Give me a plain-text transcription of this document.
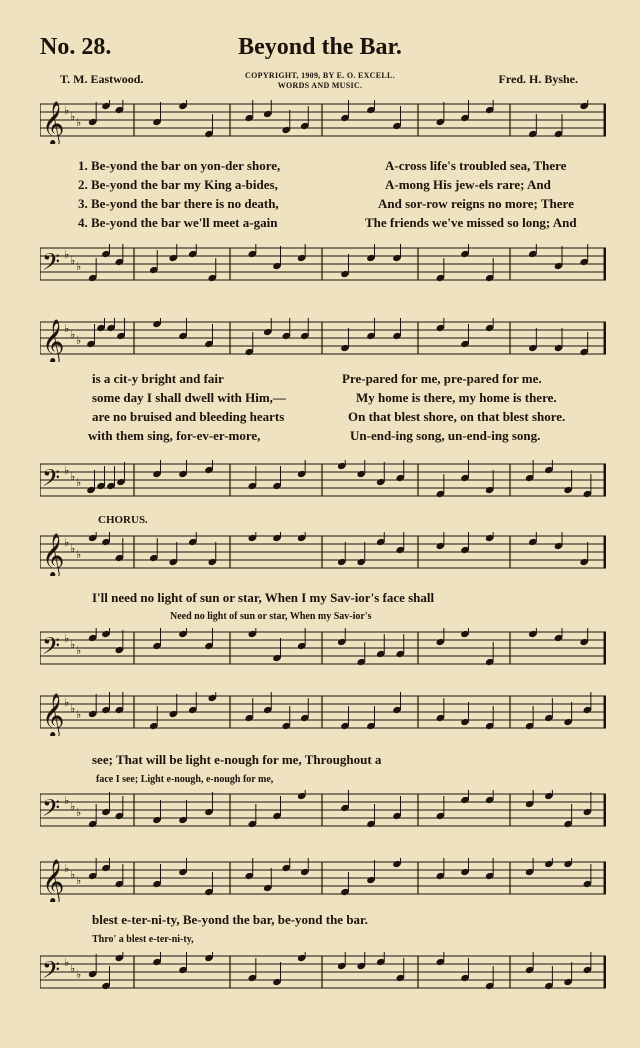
No. 28.	Beyond the Bar.
T. M. Eastwood.	COPYRIGHT, 1909, BY E. O. EXCELL.
WORDS AND MUSIC.	Fred. H. Byshe.
𝄞 ♭ ♭ ♭
1. Be-yond the bar on yon-der shore,	A-cross life's troubled sea, There
2. Be-yond the bar my King a-bides,	A-mong His jew-els rare; And
3. Be-yond the bar there is no death,	And sor-row reigns no more; There
4. Be-yond the bar we'll meet a-gain	The friends we've missed so long; And
𝄢 ♭ ♭ ♭
𝄞 ♭ ♭ ♭
is a cit-y bright and fair	Pre-pared for me, pre-pared for me.
some day I shall dwell with Him,—	My home is there, my home is there.
are no bruised and bleeding hearts	On that blest shore, on that blest shore.
with them sing, for-ev-er-more,	Un-end-ing song, un-end-ing song.
𝄢 ♭ ♭ ♭
CHORUS.
𝄞 ♭ ♭ ♭
I'll need no light of sun or star, When I my Sav-ior's face shall
Need no light of sun or star, When my Sav-ior's
𝄢 ♭ ♭ ♭
𝄞 ♭ ♭ ♭
see; That will be light e-nough for me, Throughout a
face I see; Light e-nough, e-nough for me,
𝄢 ♭ ♭ ♭
𝄞 ♭ ♭ ♭
blest e-ter-ni-ty, Be-yond the bar, be-yond the bar.
Thro' a blest e-ter-ni-ty,
𝄢 ♭ ♭ ♭
